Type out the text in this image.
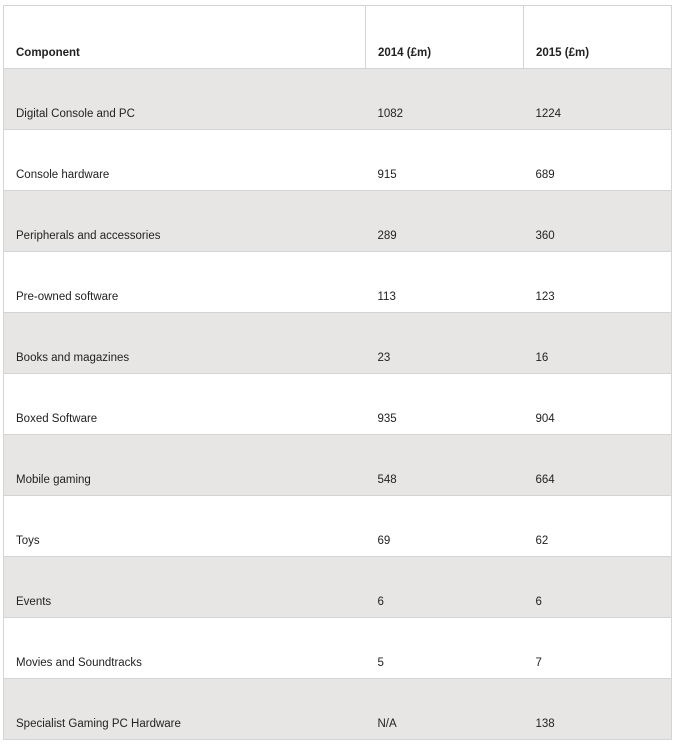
Component	2014 (£m)	2015 (£m)
Digital Console and PC	1082	1224
Console hardware	915	689
Peripherals and accessories	289	360
Pre-owned software	113	123
Books and magazines	23	16
Boxed Software	935	904
Mobile gaming	548	664
Toys	69	62
Events	6	6
Movies and Soundtracks	5	7
Specialist Gaming PC Hardware	N/A	138
